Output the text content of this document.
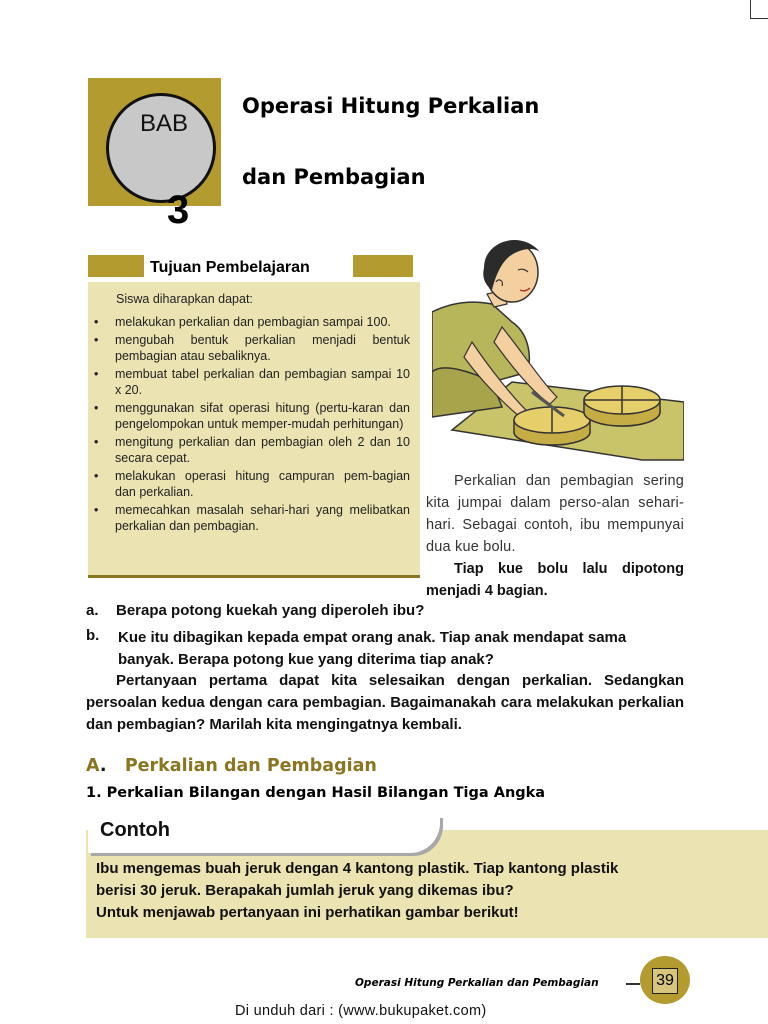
BAB
3
Operasi Hitung Perkalian
dan Pembagian
Tujuan Pembelajaran
Siswa diharapkan dapat:
• melakukan perkalian dan pembagian sampai 100.
• mengubah bentuk perkalian menjadi bentuk pembagian atau sebaliknya.
• membuat tabel perkalian dan pembagian sampai 10 x 20.
• menggunakan sifat operasi hitung (pertu-karan dan pengelompokan untuk memper-mudah perhitungan)
• mengitung perkalian dan pembagian oleh 2 dan 10 secara cepat.
• melakukan operasi hitung campuran pem-bagian dan perkalian.
• memecahkan masalah sehari-hari yang melibatkan perkalian dan pembagian.
Perkalian dan pembagian sering kita jumpai dalam perso-alan sehari-hari. Sebagai contoh, ibu mempunyai dua kue bolu.
Tiap kue bolu lalu dipotong menjadi 4 bagian.
a. Berapa potong kuekah yang diperoleh ibu?
b. Kue itu dibagikan kepada empat orang anak. Tiap anak mendapat sama banyak. Berapa potong kue yang diterima tiap anak?
Pertanyaan pertama dapat kita selesaikan dengan perkalian. Sedangkan persoalan kedua dengan cara pembagian. Bagaimanakah cara melakukan perkalian dan pembagian? Marilah kita mengingatnya kembali.
A. Perkalian dan Pembagian
1. Perkalian Bilangan dengan Hasil Bilangan Tiga Angka
Contoh
Ibu mengemas buah jeruk dengan 4 kantong plastik. Tiap kantong plastik
berisi 30 jeruk. Berapakah jumlah jeruk yang dikemas ibu?
Untuk menjawab pertanyaan ini perhatikan gambar berikut!
Operasi Hitung Perkalian dan Pembagian	39
Di unduh dari : (www.bukupaket.com)
